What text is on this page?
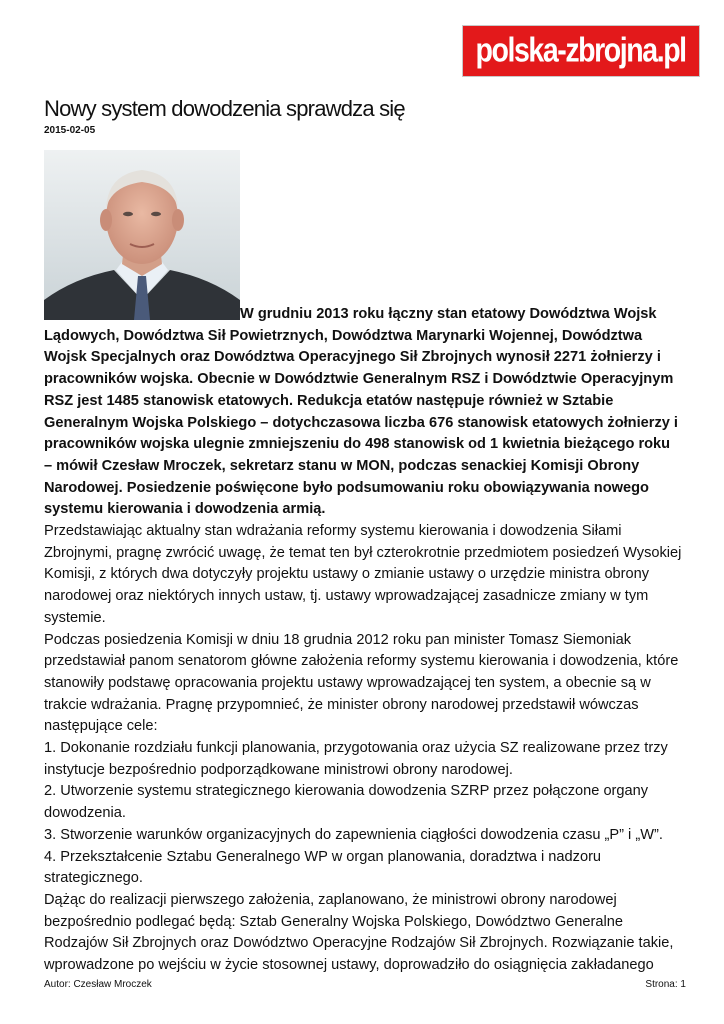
polska-zbrojna.pl
Nowy system dowodzenia sprawdza się
2015-02-05

W grudniu 2013 roku łączny stan etatowy Dowództwa Wojsk Lądowych, Dowództwa Sił Powietrznych, Dowództwa Marynarki Wojennej, Dowództwa Wojsk Specjalnych oraz Dowództwa Operacyjnego Sił Zbrojnych wynosił 2271 żołnierzy i pracowników wojska. Obecnie w Dowództwie Generalnym RSZ i Dowództwie Operacyjnym RSZ jest 1485 stanowisk etatowych. Redukcja etatów następuje również w Sztabie Generalnym Wojska Polskiego – dotychczasowa liczba 676 stanowisk etatowych żołnierzy i pracowników wojska ulegnie zmniejszeniu do 498 stanowisk od 1 kwietnia bieżącego roku – mówił Czesław Mroczek, sekretarz stanu w MON, podczas senackiej Komisji Obrony Narodowej. Posiedzenie poświęcone było podsumowaniu roku obowiązywania nowego systemu kierowania i dowodzenia armią.

Przedstawiając aktualny stan wdrażania reformy systemu kierowania i dowodzenia Siłami Zbrojnymi, pragnę zwrócić uwagę, że temat ten był czterokrotnie przedmiotem posiedzeń Wysokiej Komisji, z których dwa dotyczyły projektu ustawy o zmianie ustawy o urzędzie ministra obrony narodowej oraz niektórych innych ustaw, tj. ustawy wprowadzającej zasadnicze zmiany w tym systemie.

Podczas posiedzenia Komisji w dniu 18 grudnia 2012 roku pan minister Tomasz Siemoniak przedstawiał panom senatorom główne założenia reformy systemu kierowania i dowodzenia, które stanowiły podstawę opracowania projektu ustawy wprowadzającej ten system, a obecnie są w trakcie wdrażania. Pragnę przypomnieć, że minister obrony narodowej przedstawił wówczas następujące cele:

1. Dokonanie rozdziału funkcji planowania, przygotowania oraz użycia SZ realizowane przez trzy instytucje bezpośrednio podporządkowane ministrowi obrony narodowej.

2. Utworzenie systemu strategicznego kierowania dowodzenia SZRP przez połączone organy dowodzenia.

3. Stworzenie warunków organizacyjnych do zapewnienia ciągłości dowodzenia czasu „P” i „W”.

4. Przekształcenie Sztabu Generalnego WP w organ planowania, doradztwa i nadzoru strategicznego.

Dążąc do realizacji pierwszego założenia, zaplanowano, że ministrowi obrony narodowej bezpośrednio podlegać będą: Sztab Generalny Wojska Polskiego, Dowództwo Generalne Rodzajów Sił Zbrojnych oraz Dowództwo Operacyjne Rodzajów Sił Zbrojnych. Rozwiązanie takie, wprowadzone po wejściu w życie stosownej ustawy, doprowadziło do osiągnięcia zakładanego

Autor: Czesław Mroczek	Strona: 1
